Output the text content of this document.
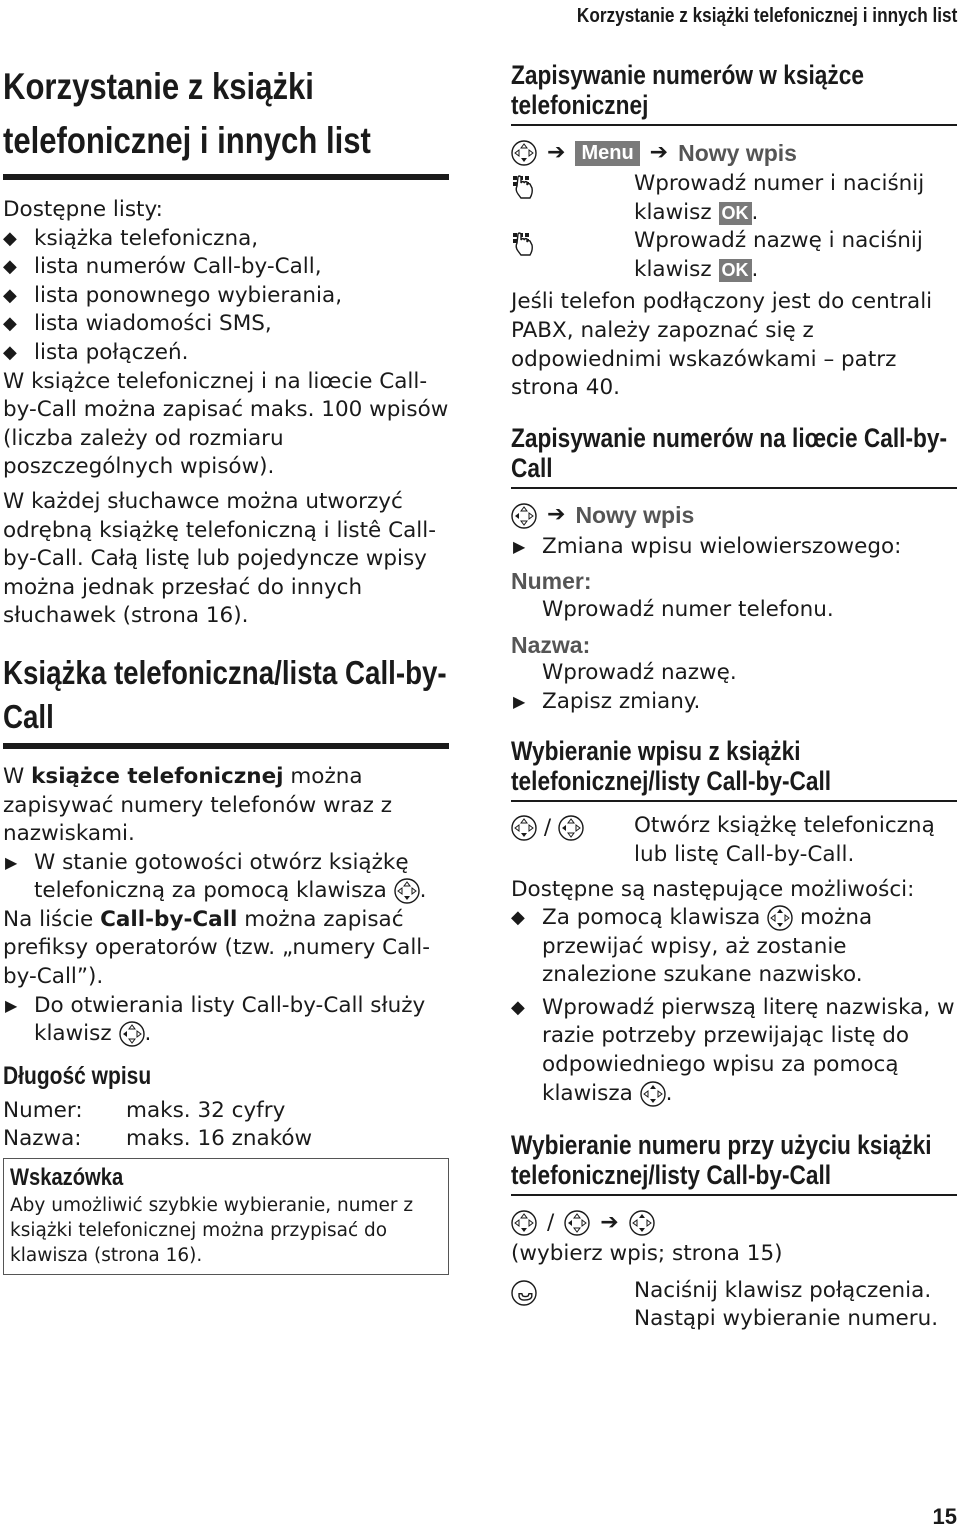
Korzystanie z książki telefonicznej i innych list
Korzystanie z książki telefonicznej i innych list

Dostępne listy:

◆ książka telefoniczna,
◆ lista numerów Call-by-Call,
◆ lista ponownego wybierania,
◆ lista wiadomości SMS,
◆ lista połączeń.

W książce telefonicznej i na liœcie Call-by-Call można zapisać maks. 100 wpisów (liczba zależy od rozmiaru poszczególnych wpisów).

W każdej słuchawce można utworzyć odrębną książkę telefoniczną i listê Call-by-Call. Całą listę lub pojedyncze wpisy można jednak przesłać do innych słuchawek (strona 16).

Książka telefoniczna/lista Call-by-Call

W książce telefonicznej można zapisywać numery telefonów wraz z nazwiskami.

▶ W stanie gotowości otwórz książkę telefoniczną za pomocą klawisza .

Na liście Call-by-Call można zapisać prefiksy operatorów (tzw. „numery Call-by-Call”).

▶ Do otwierania listy Call-by-Call służy klawisz .
Długość wpisu
Numer:	maks. 32 cyfry
Nazwa:	maks. 16 znaków
Wskazówka
Aby umożliwić szybkie wybieranie, numer z książki telefonicznej można przypisać do klawisza (strona 16).
Zapisywanie numerów w książce telefonicznej
➔ Menu ➔ Nowy wpis
Wprowadź numer i naciśnij klawisz OK .
Wprowadź nazwę i naciśnij klawisz OK .

Jeśli telefon podłączony jest do centrali PABX, należy zapoznać się z odpowiednimi wskazówkami – patrz strona 40.

Zapisywanie numerów na liœcie Call-by-Call
➔ Nowy wpis
▶ Zmiana wpisu wielowierszowego:
Numer:
Wprowadź numer telefonu.
Nazwa:
Wprowadź nazwę.
▶ Zapisz zmiany.
Wybieranie wpisu z książki telefonicznej/listy Call-by-Call
/	Otwórz książkę telefoniczną lub listę Call-by-Call.

Dostępne są następujące możliwości:

◆ Za pomocą klawisza można przewijać wpisy, aż zostanie znalezione szukane nazwisko.
◆ Wprowadź pierwszą literę nazwiska, w razie potrzeby przewijając listę do odpowiedniego wpisu za pomocą klawisza .
Wybieranie numeru przy użyciu książki telefonicznej/listy Call-by-Call
/ ➔

(wybierz wpis; strona 15)

Naciśnij klawisz połączenia.
Nastąpi wybieranie numeru.
15
